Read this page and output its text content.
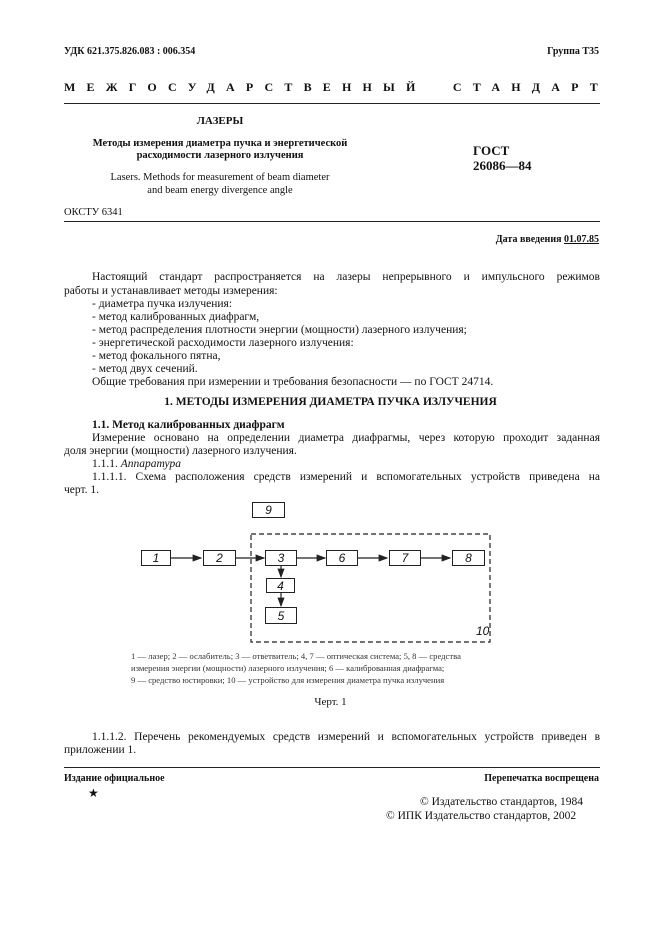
УДК 621.375.826.083 : 006.354	Группа Т35
МЕЖГОСУДАРСТВЕННЫЙ СТАНДАРТ
ЛАЗЕРЫ
Методы измерения диаметра пучка и энергетической
расходимости лазерного излучения
Lasers. Methods for measurement of beam diameter
and beam energy divergence angle
ГОСТ
26086—84
ОКСТУ 6341
Дата введения 01.07.85
Настоящий стандарт распространяется на лазеры непрерывного и импульсного режимов
работы и устанавливает методы измерения:
- диаметра пучка излучения:
- метод калиброванных диафрагм,
- метод распределения плотности энергии (мощности) лазерного излучения;
- энергетической расходимости лазерного излучения:
- метод фокального пятна,
- метод двух сечений.
Общие требования при измерении и требования безопасности — по ГОСТ 24714.
1. МЕТОДЫ ИЗМЕРЕНИЯ ДИАМЕТРА ПУЧКА ИЗЛУЧЕНИЯ
1.1. Метод калиброванных диафрагм
Измерение основано на определении диаметра диафрагмы, через которую проходит заданная
доля энергии (мощности) лазерного излучения.
1.1.1. Аппаратура
1.1.1.1. Схема расположения средств измерений и вспомогательных устройств приведена на
черт. 1.
1	2	3	6	7	8
4
5
9
10
1 — лазер; 2 — ослабитель; 3 — ответвитель; 4, 7 — оптическая система; 5, 8 — средства
измерения энергии (мощности) лазерного излучения; 6 — калиброванная диафрагма;
9 — средство юстировки; 10 — устройство для измерения диаметра пучка излучения
Черт. 1
1.1.1.2. Перечень рекомендуемых средств измерений и вспомогательных устройств приведен в
приложении 1.
Издание официальное	Перепечатка воспрещена
★
© Издательство стандартов, 1984
© ИПК Издательство стандартов, 2002
